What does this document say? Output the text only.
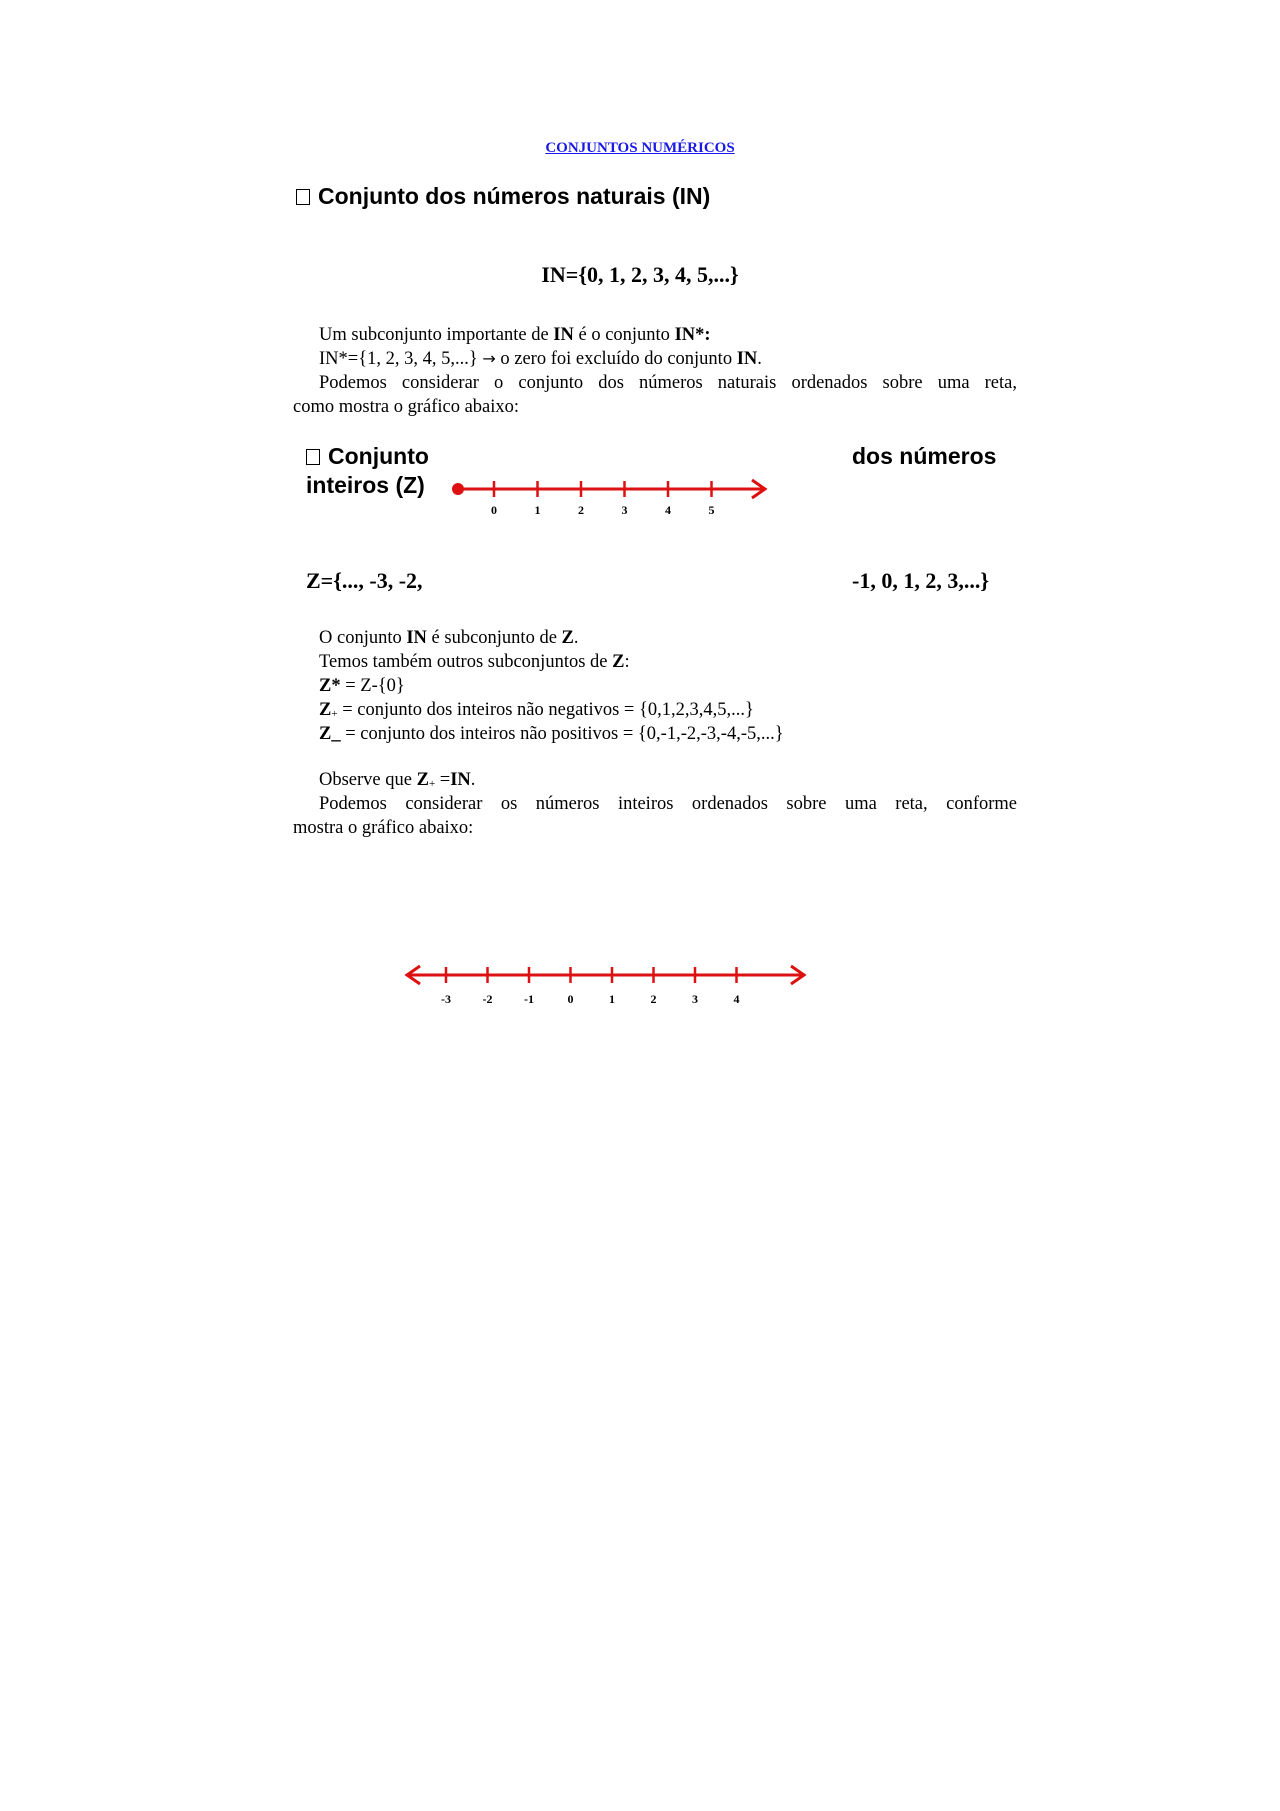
CONJUNTOS NUMÉRICOS
Conjunto dos números naturais (IN)
IN={0, 1, 2, 3, 4, 5,...}
Um subconjunto importante de IN é o conjunto IN*:
IN*={1, 2, 3, 4, 5,...} → o zero foi excluído do conjunto IN.
Podemos considerar o conjunto dos números naturais ordenados sobre uma reta,
como mostra o gráfico abaixo:
Conjunto
inteiros (Z)
dos números
0	1	2	3	4	5
Z={..., -3, -2,	-1, 0, 1, 2, 3,...}
O conjunto IN é subconjunto de Z.
Temos também outros subconjuntos de Z:
Z* = Z-{0}
$Z_+$ = conjunto dos inteiros não negativos = {0,1,2,3,4,5,...}
Z_ = conjunto dos inteiros não positivos = {0,-1,-2,-3,-4,-5,...}
Observe que $Z_+ =IN$.
Podemos considerar os números inteiros ordenados sobre uma reta, conforme
mostra o gráfico abaixo:
-3	-2	-1	0	1	2	3	4
